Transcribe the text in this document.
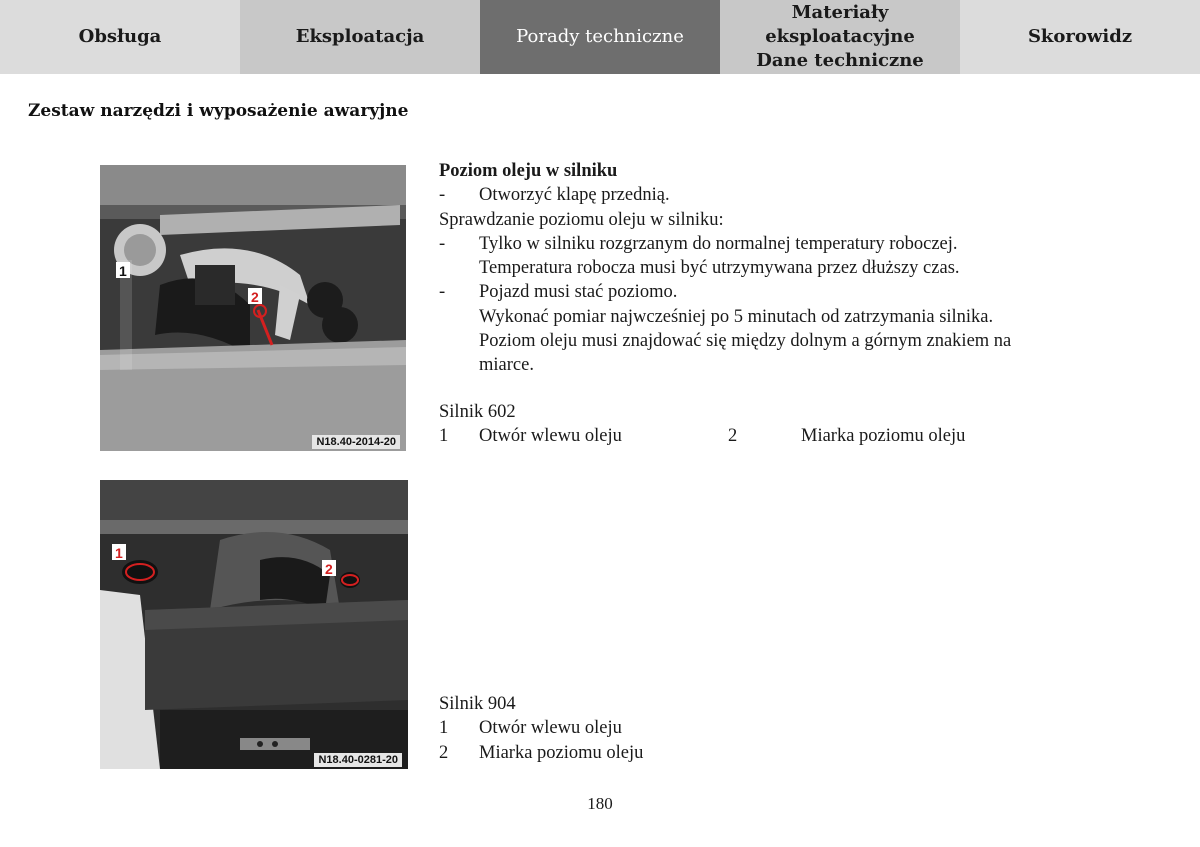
Obsługa	Eksploatacja	Porady techniczne
Materiały eksploatacyjne
Dane techniczne
Skorowidz
Zestaw narzędzi i wyposażenie awaryjne
1
2
N18.40-2014-20
1
2
N18.40-0281-20
Poziom oleju w silniku
-	Otworzyć klapę przednią.
Sprawdzanie poziomu oleju w silniku:
-	Tylko w silniku rozgrzanym do normalnej temperatury roboczej.
Temperatura robocza musi być utrzymywana przez dłuższy czas.
-	Pojazd musi stać poziomo.
Wykonać pomiar najwcześniej po 5 minutach od zatrzymania silnika.
Poziom oleju musi znajdować się między dolnym a górnym znakiem na
miarce.
Silnik 602
1	Otwór wlewu oleju	2	Miarka poziomu oleju
Silnik 904
1	Otwór wlewu oleju
2	Miarka poziomu oleju
180
